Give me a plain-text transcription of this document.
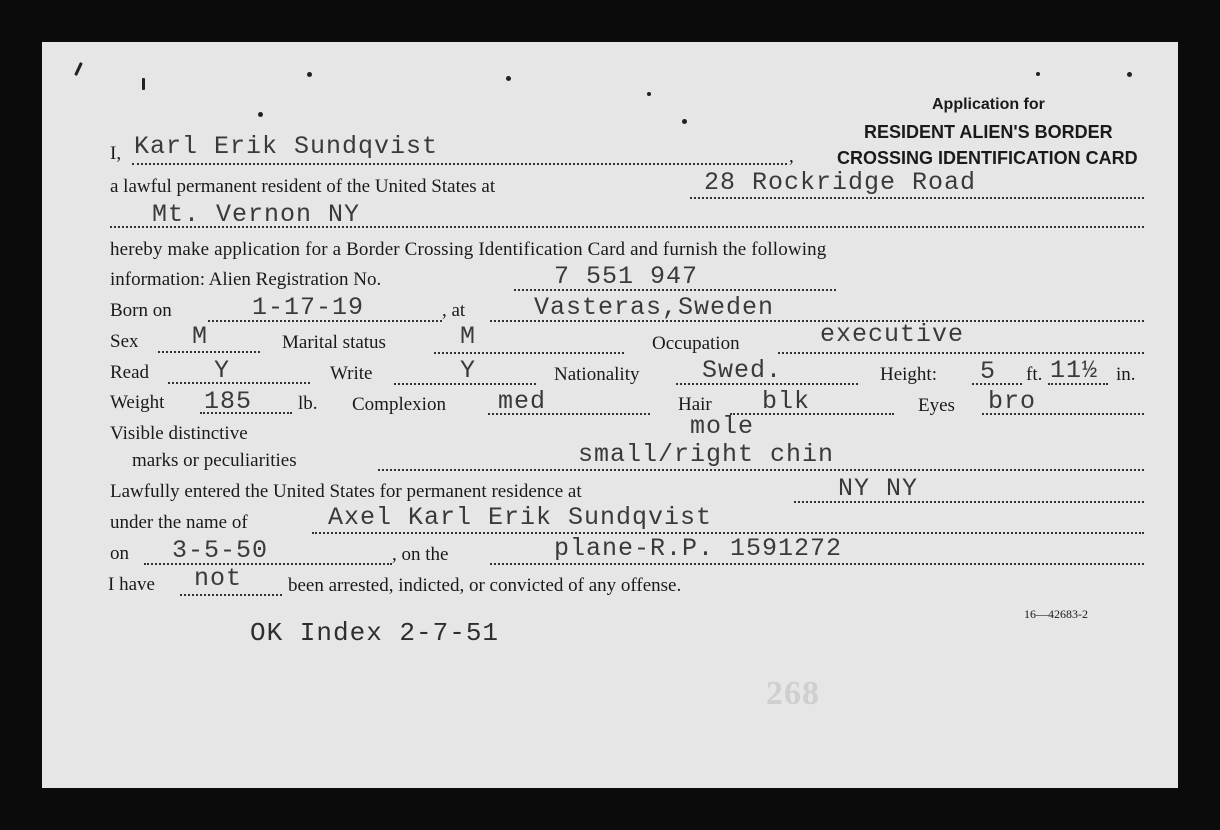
Application for
RESIDENT ALIEN'S BORDER
CROSSING IDENTIFICATION CARD
I, Karl Erik Sundqvist	,
a lawful permanent resident of the United States at	28 Rockridge Road
Mt. Vernon NY
hereby make application for a Border Crossing Identification Card and furnish the following
information: Alien Registration No.	7 551 947
Born on	1-17-19	, at	Vasteras,Sweden
Sex M	Marital status	M	Occupation	executive
Read	Y	Write	Y	Nationality	Swed.	Height: 5 ft. 11½ in.
Weight 185 lb. Complexion med	Hair blk	Eyes bro
Visible distinctive	mole
marks or peculiarities	small/right chin
Lawfully entered the United States for permanent residence at	NY NY
under the name of	Axel Karl Erik Sundqvist
on 3-5-50	, on the	plane-R.P. 1591272
I have not been arrested, indicted, or convicted of any offense.
16—42683-2
OK Index 2-7-51
268
